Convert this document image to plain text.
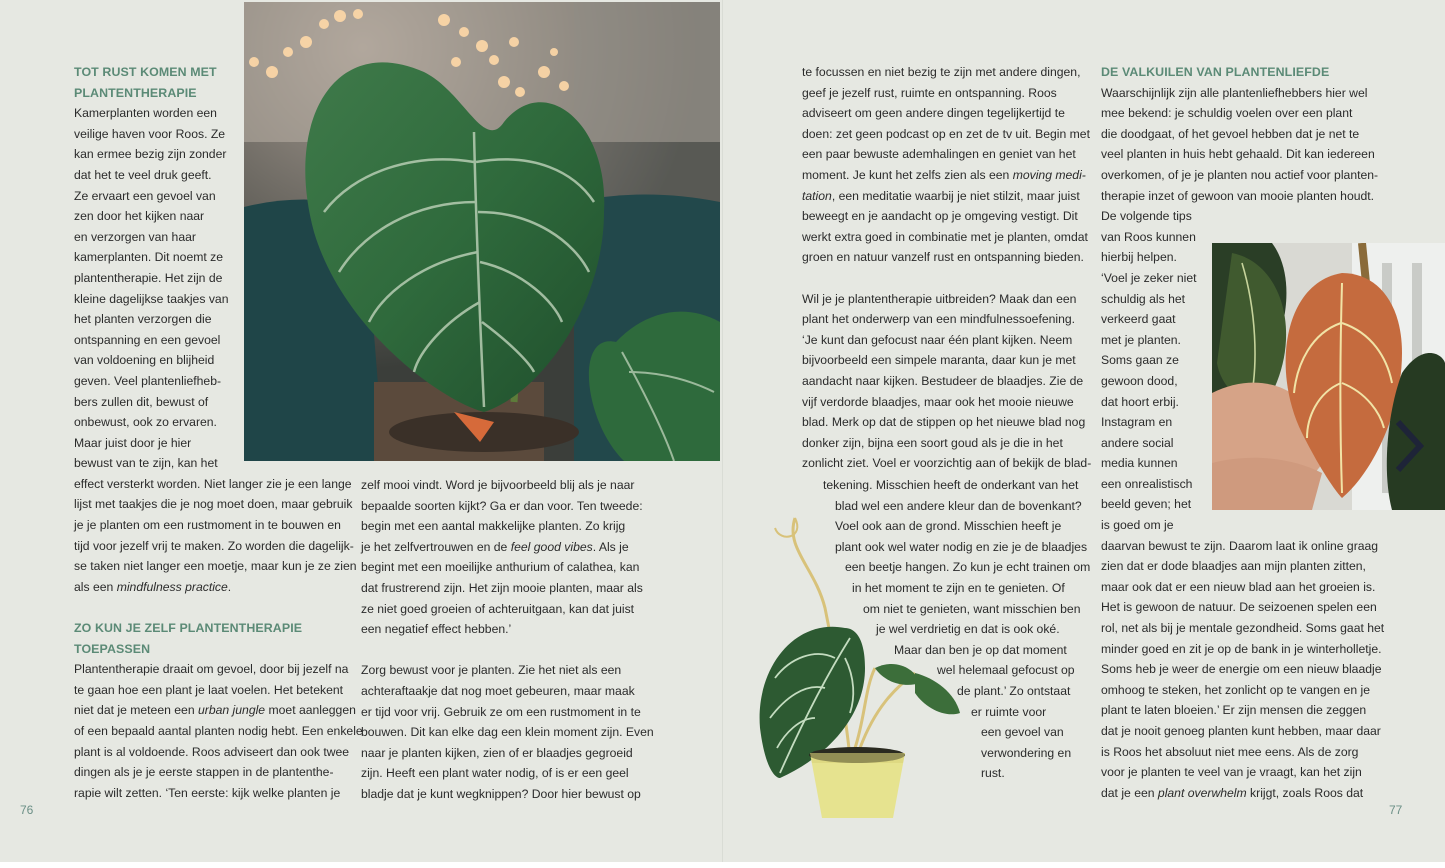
TOT RUST KOMEN MET
PLANTENTHERAPIE
Kamerplanten worden een
veilige haven voor Roos. Ze
kan ermee bezig zijn zonder
dat het te veel druk geeft.
Ze ervaart een gevoel van
zen door het kijken naar
en verzorgen van haar
kamerplanten. Dit noemt ze
plantentherapie. Het zijn de
kleine dagelijkse taakjes van
het planten verzorgen die
ontspanning en een gevoel
van voldoening en blijheid
geven. Veel plantenliefheb-
bers zullen dit, bewust of
onbewust, ook zo ervaren.
Maar juist door je hier
bewust van te zijn, kan het
effect versterkt worden. Niet langer zie je een lange
lijst met taakjes die je nog moet doen, maar gebruik
je je planten om een rustmoment in te bouwen en
tijd voor jezelf vrij te maken. Zo worden die dagelijk-
se taken niet langer een moetje, maar kun je ze zien
als een mindfulness practice.
ZO KUN JE ZELF PLANTENTHERAPIE
TOEPASSEN
Plantentherapie draait om gevoel, door bij jezelf na
te gaan hoe een plant je laat voelen. Het betekent
niet dat je meteen een urban jungle moet aanleggen
of een bepaald aantal planten nodig hebt. Een enkele
plant is al voldoende. Roos adviseert dan ook twee
dingen als je je eerste stappen in de plantenthe-
rapie wilt zetten. ‘Ten eerste: kijk welke planten je
zelf mooi vindt. Word je bijvoorbeeld blij als je naar
bepaalde soorten kijkt? Ga er dan voor. Ten tweede:
begin met een aantal makkelijke planten. Zo krijg
je het zelfvertrouwen en de feel good vibes. Als je
begint met een moeilijke anthurium of calathea, kan
dat frustrerend zijn. Het zijn mooie planten, maar als
ze niet goed groeien of achteruitgaan, kan dat juist
een negatief effect hebben.’
Zorg bewust voor je planten. Zie het niet als een
achteraftaakje dat nog moet gebeuren, maar maak
er tijd voor vrij. Gebruik ze om een rustmoment in te
bouwen. Dit kan elke dag een klein moment zijn. Even
naar je planten kijken, zien of er blaadjes gegroeid
zijn. Heeft een plant water nodig, of is er een geel
bladje dat je kunt wegknippen? Door hier bewust op
te focussen en niet bezig te zijn met andere dingen,
geef je jezelf rust, ruimte en ontspanning. Roos
adviseert om geen andere dingen tegelijkertijd te
doen: zet geen podcast op en zet de tv uit. Begin met
een paar bewuste ademhalingen en geniet van het
moment. Je kunt het zelfs zien als een moving medi-
tation, een meditatie waarbij je niet stilzit, maar juist
beweegt en je aandacht op je omgeving vestigt. Dit
werkt extra goed in combinatie met je planten, omdat
groen en natuur vanzelf rust en ontspanning bieden.
Wil je je plantentherapie uitbreiden? Maak dan een
plant het onderwerp van een mindfulnessoefening.
‘Je kunt dan gefocust naar één plant kijken. Neem
bijvoorbeeld een simpele maranta, daar kun je met
aandacht naar kijken. Bestudeer de blaadjes. Zie de
vijf verdorde blaadjes, maar ook het mooie nieuwe
blad. Merk op dat de stippen op het nieuwe blad nog
donker zijn, bijna een soort goud als je die in het
zonlicht ziet. Voel er voorzichtig aan of bekijk de blad-
tekening. Misschien heeft de onderkant van het
blad wel een andere kleur dan de bovenkant?
Voel ook aan de grond. Misschien heeft je
plant ook wel water nodig en zie je de blaadjes
een beetje hangen. Zo kun je echt trainen om
in het moment te zijn en te genieten. Of
om niet te genieten, want misschien ben
je wel verdrietig en dat is ook oké.
Maar dan ben je op dat moment
wel helemaal gefocust op
de plant.’ Zo ontstaat
er ruimte voor
een gevoel van
verwondering en
rust.
DE VALKUILEN VAN PLANTENLIEFDE
Waarschijnlijk zijn alle plantenliefhebbers hier wel
mee bekend: je schuldig voelen over een plant
die doodgaat, of het gevoel hebben dat je net te
veel planten in huis hebt gehaald. Dit kan iedereen
overkomen, of je je planten nou actief voor planten-
therapie inzet of gewoon van mooie planten houdt.
De volgende tips
van Roos kunnen
hierbij helpen.
‘Voel je zeker niet
schuldig als het
verkeerd gaat
met je planten.
Soms gaan ze
gewoon dood,
dat hoort erbij.
Instagram en
andere social
media kunnen
een onrealistisch
beeld geven; het
is goed om je
daarvan bewust te zijn. Daarom laat ik online graag
zien dat er dode blaadjes aan mijn planten zitten,
maar ook dat er een nieuw blad aan het groeien is.
Het is gewoon de natuur. De seizoenen spelen een
rol, net als bij je mentale gezondheid. Soms gaat het
minder goed en zit je op de bank in je winterholletje.
Soms heb je weer de energie om een nieuw blaadje
omhoog te steken, het zonlicht op te vangen en je
plant te laten bloeien.’ Er zijn mensen die zeggen
dat je nooit genoeg planten kunt hebben, maar daar
is Roos het absoluut niet mee eens. Als de zorg
voor je planten te veel van je vraagt, kan het zijn
dat je een plant overwhelm krijgt, zoals Roos dat
76	77
